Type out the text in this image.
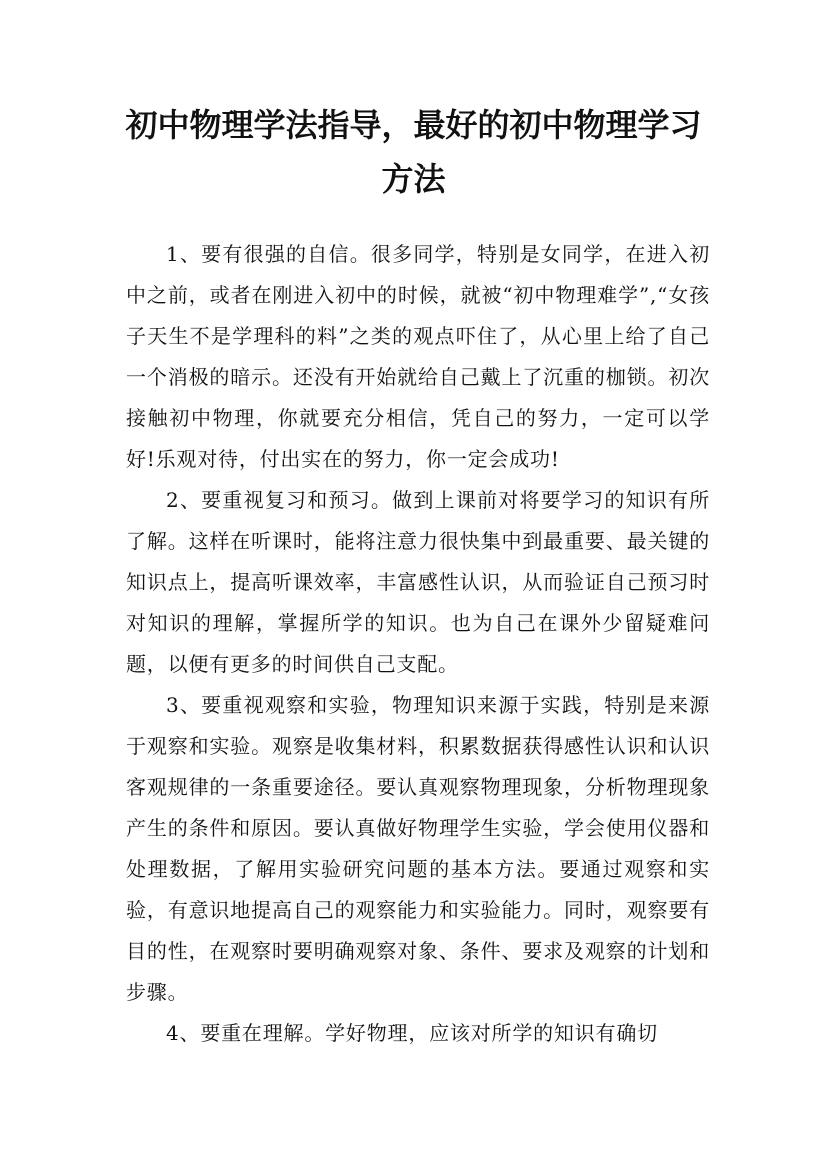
初中物理学法指导，最好的初中物理学习方法

1、要有很强的自信。很多同学，特别是女同学，在进入初中之前，或者在刚进入初中的时候，就被“初中物理难学”,“女孩子天生不是学理科的料”之类的观点吓住了，从心里上给了自己一个消极的暗示。还没有开始就给自己戴上了沉重的枷锁。初次接触初中物理，你就要充分相信，凭自己的努力，一定可以学好!乐观对待，付出实在的努力，你一定会成功!

2、要重视复习和预习。做到上课前对将要学习的知识有所了解。这样在听课时，能将注意力很快集中到最重要、最关键的知识点上，提高听课效率，丰富感性认识，从而验证自己预习时对知识的理解，掌握所学的知识。也为自己在课外少留疑难问题，以便有更多的时间供自己支配。

3、要重视观察和实验，物理知识来源于实践，特别是来源于观察和实验。观察是收集材料，积累数据获得感性认识和认识客观规律的一条重要途径。要认真观察物理现象，分析物理现象产生的条件和原因。要认真做好物理学生实验，学会使用仪器和处理数据，了解用实验研究问题的基本方法。要通过观察和实验，有意识地提高自己的观察能力和实验能力。同时，观察要有目的性，在观察时要明确观察对象、条件、要求及观察的计划和步骤。

4、要重在理解。学好物理，应该对所学的知识有确切
